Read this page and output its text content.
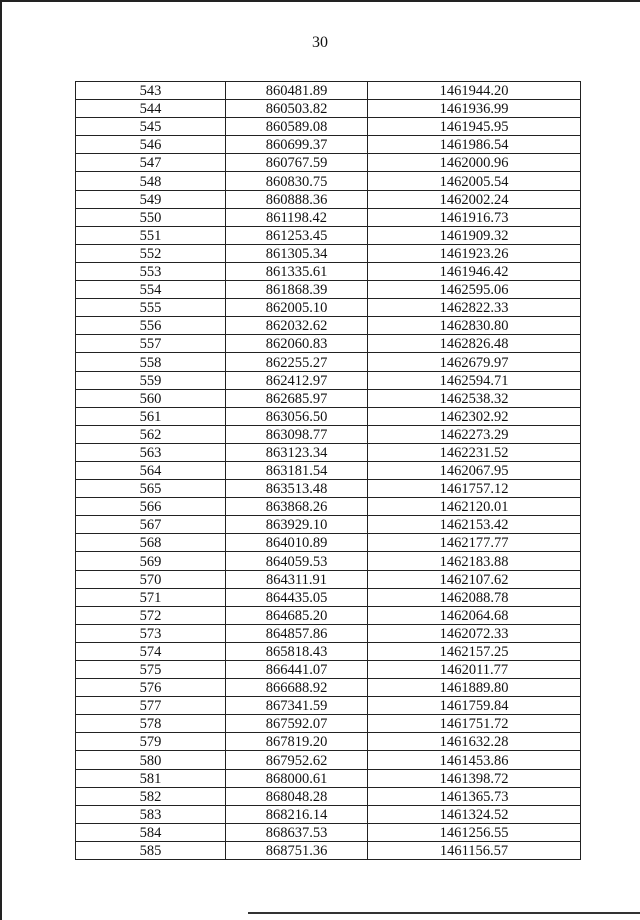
30
543	860481.89	1461944.20
544	860503.82	1461936.99
545	860589.08	1461945.95
546	860699.37	1461986.54
547	860767.59	1462000.96
548	860830.75	1462005.54
549	860888.36	1462002.24
550	861198.42	1461916.73
551	861253.45	1461909.32
552	861305.34	1461923.26
553	861335.61	1461946.42
554	861868.39	1462595.06
555	862005.10	1462822.33
556	862032.62	1462830.80
557	862060.83	1462826.48
558	862255.27	1462679.97
559	862412.97	1462594.71
560	862685.97	1462538.32
561	863056.50	1462302.92
562	863098.77	1462273.29
563	863123.34	1462231.52
564	863181.54	1462067.95
565	863513.48	1461757.12
566	863868.26	1462120.01
567	863929.10	1462153.42
568	864010.89	1462177.77
569	864059.53	1462183.88
570	864311.91	1462107.62
571	864435.05	1462088.78
572	864685.20	1462064.68
573	864857.86	1462072.33
574	865818.43	1462157.25
575	866441.07	1462011.77
576	866688.92	1461889.80
577	867341.59	1461759.84
578	867592.07	1461751.72
579	867819.20	1461632.28
580	867952.62	1461453.86
581	868000.61	1461398.72
582	868048.28	1461365.73
583	868216.14	1461324.52
584	868637.53	1461256.55
585	868751.36	1461156.57
